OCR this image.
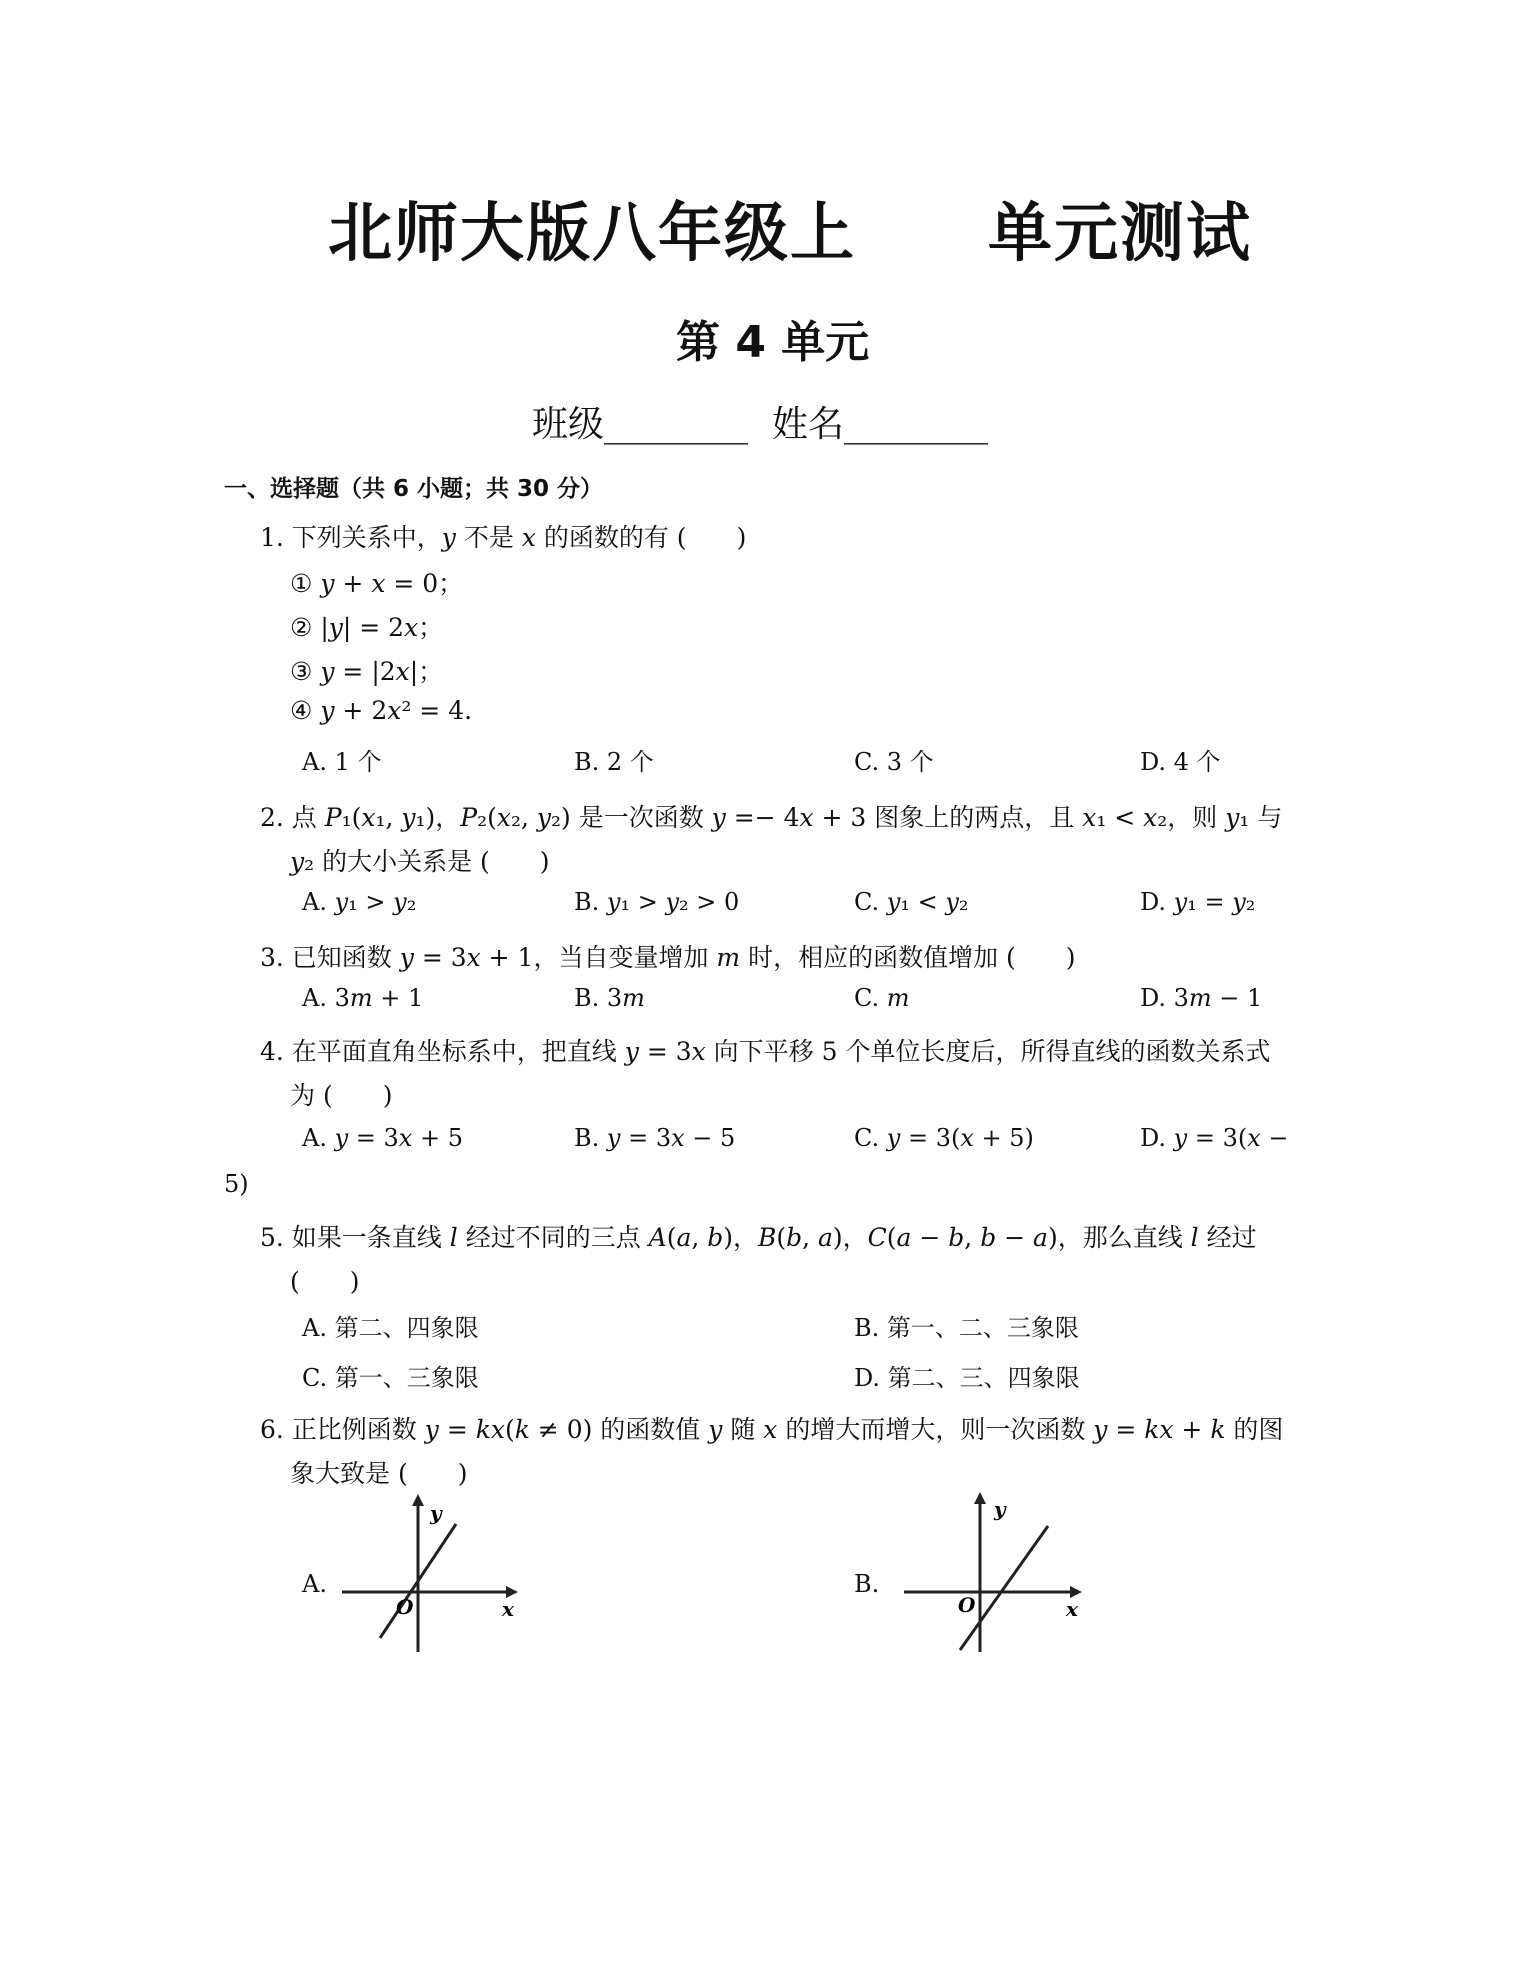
北师大版八年级上　　单元测试
第 4 单元
班级________ 姓名________
一、选择题（共 6 小题；共 30 分）
1. 下列关系中，𝑦 不是 𝑥 的函数的有 (　　)
① 𝑦 + 𝑥 = 0；
② |𝑦| = 2𝑥；
③ 𝑦 = |2𝑥|；
④ 𝑦 + 2𝑥² = 4.
A. 1 个	B. 2 个	C. 3 个	D. 4 个
2. 点 𝑃₁(𝑥₁, 𝑦₁)，𝑃₂(𝑥₂, 𝑦₂) 是一次函数 𝑦 =− 4𝑥 + 3 图象上的两点，且 𝑥₁ < 𝑥₂，则 𝑦₁ 与
𝑦₂ 的大小关系是 (　　)
A. 𝑦₁ > 𝑦₂	B. 𝑦₁ > 𝑦₂ > 0	C. 𝑦₁ < 𝑦₂	D. 𝑦₁ = 𝑦₂
3. 已知函数 𝑦 = 3𝑥 + 1，当自变量增加 𝑚 时，相应的函数值增加 (　　)
A. 3𝑚 + 1	B. 3𝑚	C. 𝑚	D. 3𝑚 − 1
4. 在平面直角坐标系中，把直线 𝑦 = 3𝑥 向下平移 5 个单位长度后，所得直线的函数关系式
为 (　　)
A. 𝑦 = 3𝑥 + 5	B. 𝑦 = 3𝑥 − 5	C. 𝑦 = 3(𝑥 + 5)	D. 𝑦 = 3(𝑥 −
5)
5. 如果一条直线 𝑙 经过不同的三点 𝐴(𝑎, 𝑏)，𝐵(𝑏, 𝑎)，𝐶(𝑎 − 𝑏, 𝑏 − 𝑎)，那么直线 𝑙 经过
(　　)
A. 第二、四象限	B. 第一、二、三象限
C. 第一、三象限	D. 第二、三、四象限
6. 正比例函数 𝑦 = 𝑘𝑥(𝑘 ≠ 0) 的函数值 𝑦 随 𝑥 的增大而增大，则一次函数 𝑦 = 𝑘𝑥 + 𝑘 的图
象大致是 (　　)
A.
y
x
O
B.
y
x
O
